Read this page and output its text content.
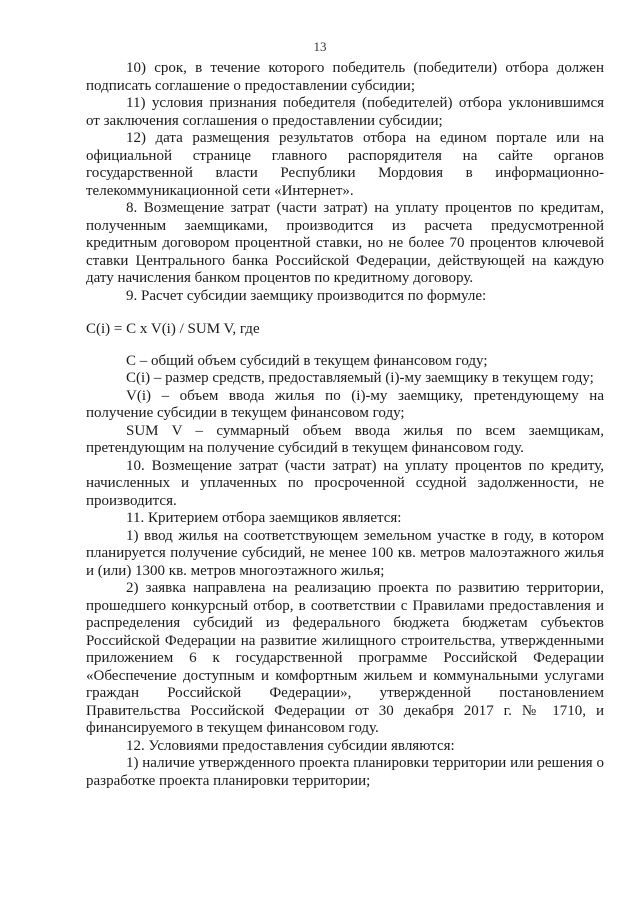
13

10) срок, в течение которого победитель (победители) отбора должен подписать соглашение о предоставлении субсидии;

11) условия признания победителя (победителей) отбора уклонившимся от заключения соглашения о предоставлении субсидии;

12) дата размещения результатов отбора на едином портале или на официальной странице главного распорядителя на сайте органов государственной власти Республики Мордовия в информационно-телекоммуникационной сети «Интернет».

8. Возмещение затрат (части затрат) на уплату процентов по кредитам, полученным заемщиками, производится из расчета предусмотренной кредитным договором процентной ставки, но не более 70 процентов ключевой ставки Центрального банка Российской Федерации, действующей на каждую дату начисления банком процентов по кредитному договору.

9. Расчет субсидии заемщику производится по формуле:

C(i) = C x V(i) / SUM V, где

C – общий объем субсидий в текущем финансовом году;

C(i) – размер средств, предоставляемый (i)-му заемщику в текущем году;

V(i) – объем ввода жилья по (i)-му заемщику, претендующему на получение субсидии в текущем финансовом году;

SUM V – суммарный объем ввода жилья по всем заемщикам, претендующим на получение субсидий в текущем финансовом году.

10. Возмещение затрат (части затрат) на уплату процентов по кредиту, начисленных и уплаченных по просроченной ссудной задолженности, не производится.

11. Критерием отбора заемщиков является:

1) ввод жилья на соответствующем земельном участке в году, в котором планируется получение субсидий, не менее 100 кв. метров малоэтажного жилья и (или) 1300 кв. метров многоэтажного жилья;

2) заявка направлена на реализацию проекта по развитию территории, прошедшего конкурсный отбор, в соответствии с Правилами предоставления и распределения субсидий из федерального бюджета бюджетам субъектов Российской Федерации на развитие жилищного строительства, утвержденными приложением 6 к государственной программе Российской Федерации «Обеспечение доступным и комфортным жильем и коммунальными услугами граждан Российской Федерации», утвержденной постановлением Правительства Российской Федерации от 30 декабря 2017 г. № 1710, и финансируемого в текущем финансовом году.

12. Условиями предоставления субсидии являются:

1) наличие утвержденного проекта планировки территории или решения о разработке проекта планировки территории;
